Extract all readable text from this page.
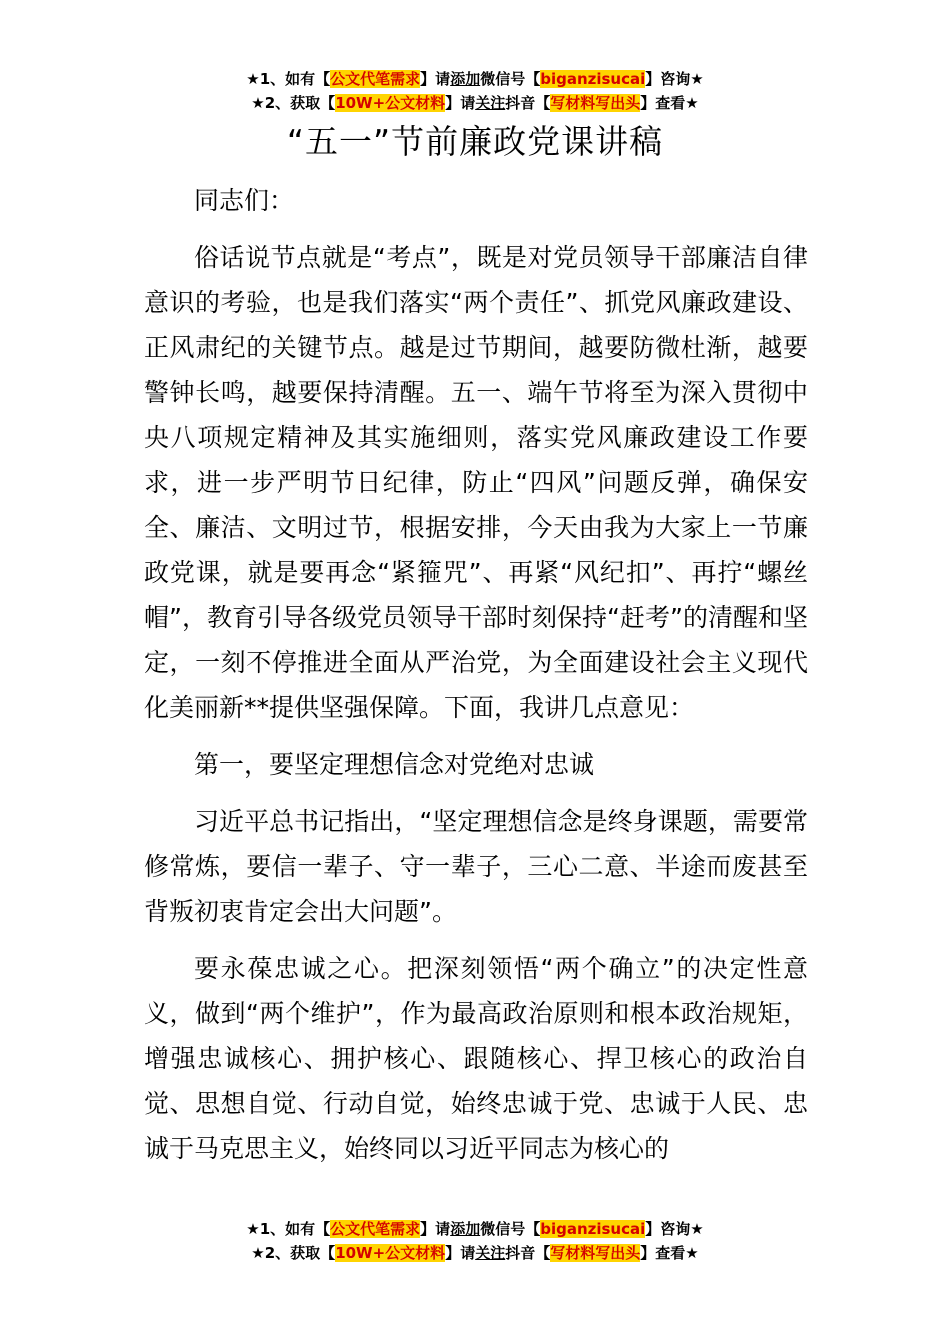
★1、如有【公文代笔需求】请添加微信号【biganzisucai】咨询★
★2、获取【10W+公文材料】请关注抖音【写材料写出头】查看★
“五一”节前廉政党课讲稿

同志们：

俗话说节点就是“考点”，既是对党员领导干部廉洁自律意识的考验，也是我们落实“两个责任”、抓党风廉政建设、正风肃纪的关键节点。越是过节期间，越要防微杜渐，越要警钟长鸣，越要保持清醒。五一、端午节将至为深入贯彻中央八项规定精神及其实施细则，落实党风廉政建设工作要求，进一步严明节日纪律，防止“四风”问题反弹，确保安全、廉洁、文明过节，根据安排，今天由我为大家上一节廉政党课，就是要再念“紧箍咒”、再紧“风纪扣”、再拧“螺丝帽”，教育引导各级党员领导干部时刻保持“赶考”的清醒和坚定，一刻不停推进全面从严治党，为全面建设社会主义现代化美丽新**提供坚强保障。下面，我讲几点意见：

第一，要坚定理想信念对党绝对忠诚

习近平总书记指出，“坚定理想信念是终身课题，需要常修常炼，要信一辈子、守一辈子，三心二意、半途而废甚至背叛初衷肯定会出大问题”。

要永葆忠诚之心。把深刻领悟“两个确立”的决定性意义，做到“两个维护”，作为最高政治原则和根本政治规矩，增强忠诚核心、拥护核心、跟随核心、捍卫核心的政治自觉、思想自觉、行动自觉，始终忠诚于党、忠诚于人民、忠诚于马克思主义，始终同以习近平同志为核心的

★1、如有【公文代笔需求】请添加微信号【biganzisucai】咨询★
★2、获取【10W+公文材料】请关注抖音【写材料写出头】查看★
